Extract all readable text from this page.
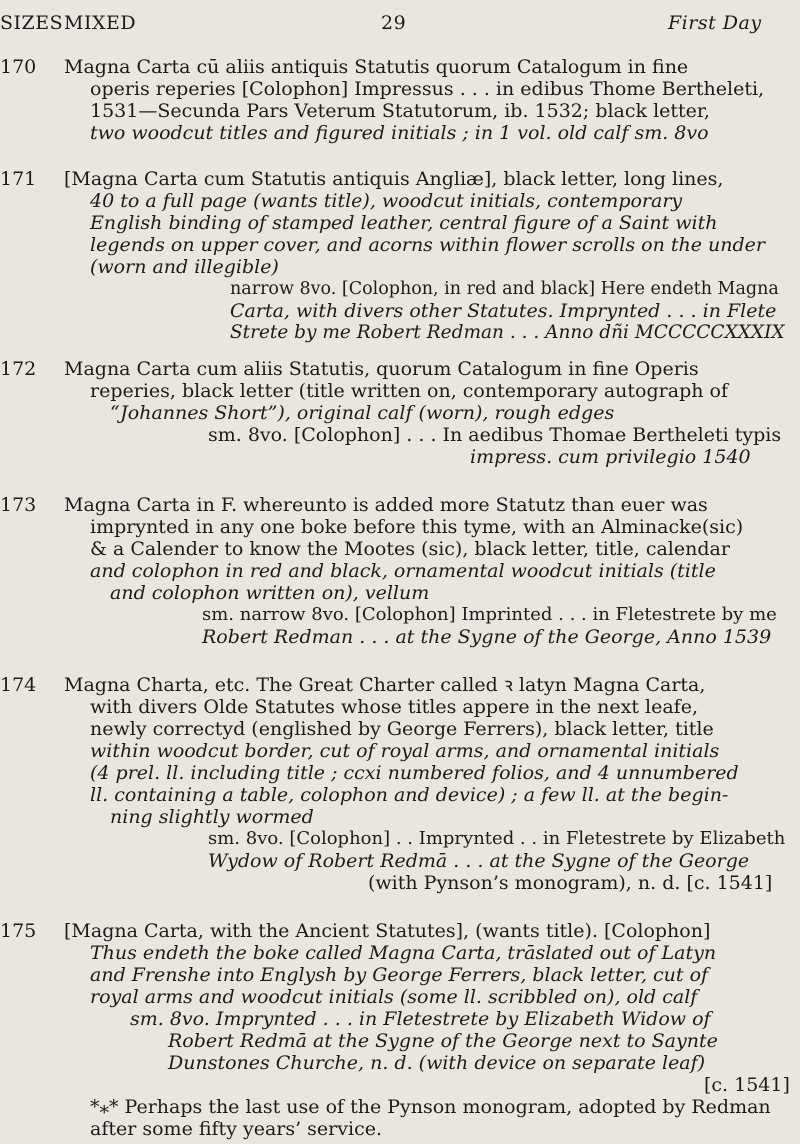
SIZES MIXED	29	First Day
170	Magna Carta cū aliis antiquis Statutis quorum Catalogum in fine
operis reperies [Colophon] Impressus . . . in edibus Thome Bertheleti,
1531—Secunda Pars Veterum Statutorum, ib. 1532; black letter,
two woodcut titles and figured initials ; in 1 vol. old calf sm. 8vo
171	[Magna Carta cum Statutis antiquis Angliæ], black letter, long lines,
40 to a full page (wants title), woodcut initials, contemporary
English binding of stamped leather, central figure of a Saint with
legends on upper cover, and acorns within flower scrolls on the under
(worn and illegible)
narrow 8vo. [Colophon, in red and black] Here endeth Magna
Carta, with divers other Statutes. Imprynted . . . in Flete
Strete by me Robert Redman . . . Anno dñi MCCCCCXXXIX
172	Magna Carta cum aliis Statutis, quorum Catalogum in fine Operis
reperies, black letter (title written on, contemporary autograph of
“Johannes Short”), original calf (worn), rough edges
sm. 8vo. [Colophon] . . . In aedibus Thomae Bertheleti typis
impress. cum privilegio 1540
173	Magna Carta in F. whereunto is added more Statutz than euer was
imprynted in any one boke before this tyme, with an Alminacke(sic)
& a Calender to know the Mootes (sic), black letter, title, calendar
and colophon in red and black, ornamental woodcut initials (title
and colophon written on), vellum
sm. narrow 8vo. [Colophon] Imprinted . . . in Fletestrete by me
Robert Redman . . . at the Sygne of the George, Anno 1539
174	Magna Charta, etc. The Great Charter called ꝛ latyn Magna Carta,
with divers Olde Statutes whose titles appere in the next leafe,
newly correctyd (englished by George Ferrers), black letter, title
within woodcut border, cut of royal arms, and ornamental initials
(4 prel. ll. including title ; ccxi numbered folios, and 4 unnumbered
ll. containing a table, colophon and device) ; a few ll. at the begin-
ning slightly wormed
sm. 8vo. [Colophon] . . Imprynted . . in Fletestrete by Elizabeth
Wydow of Robert Redmā . . . at the Sygne of the George
(with Pynson’s monogram), n. d. [c. 1541]
175	[Magna Carta, with the Ancient Statutes], (wants title). [Colophon]
Thus endeth the boke called Magna Carta, trāslated out of Latyn
and Frenshe into Englysh by George Ferrers, black letter, cut of
royal arms and woodcut initials (some ll. scribbled on), old calf
sm. 8vo. Imprynted . . . in Fletestrete by Elizabeth Widow of
Robert Redmā at the Sygne of the George next to Saynte
Dunstones Churche, n. d. (with device on separate leaf)
[c. 1541]
*⁎* Perhaps the last use of the Pynson monogram, adopted by Redman
after some fifty years’ service.
